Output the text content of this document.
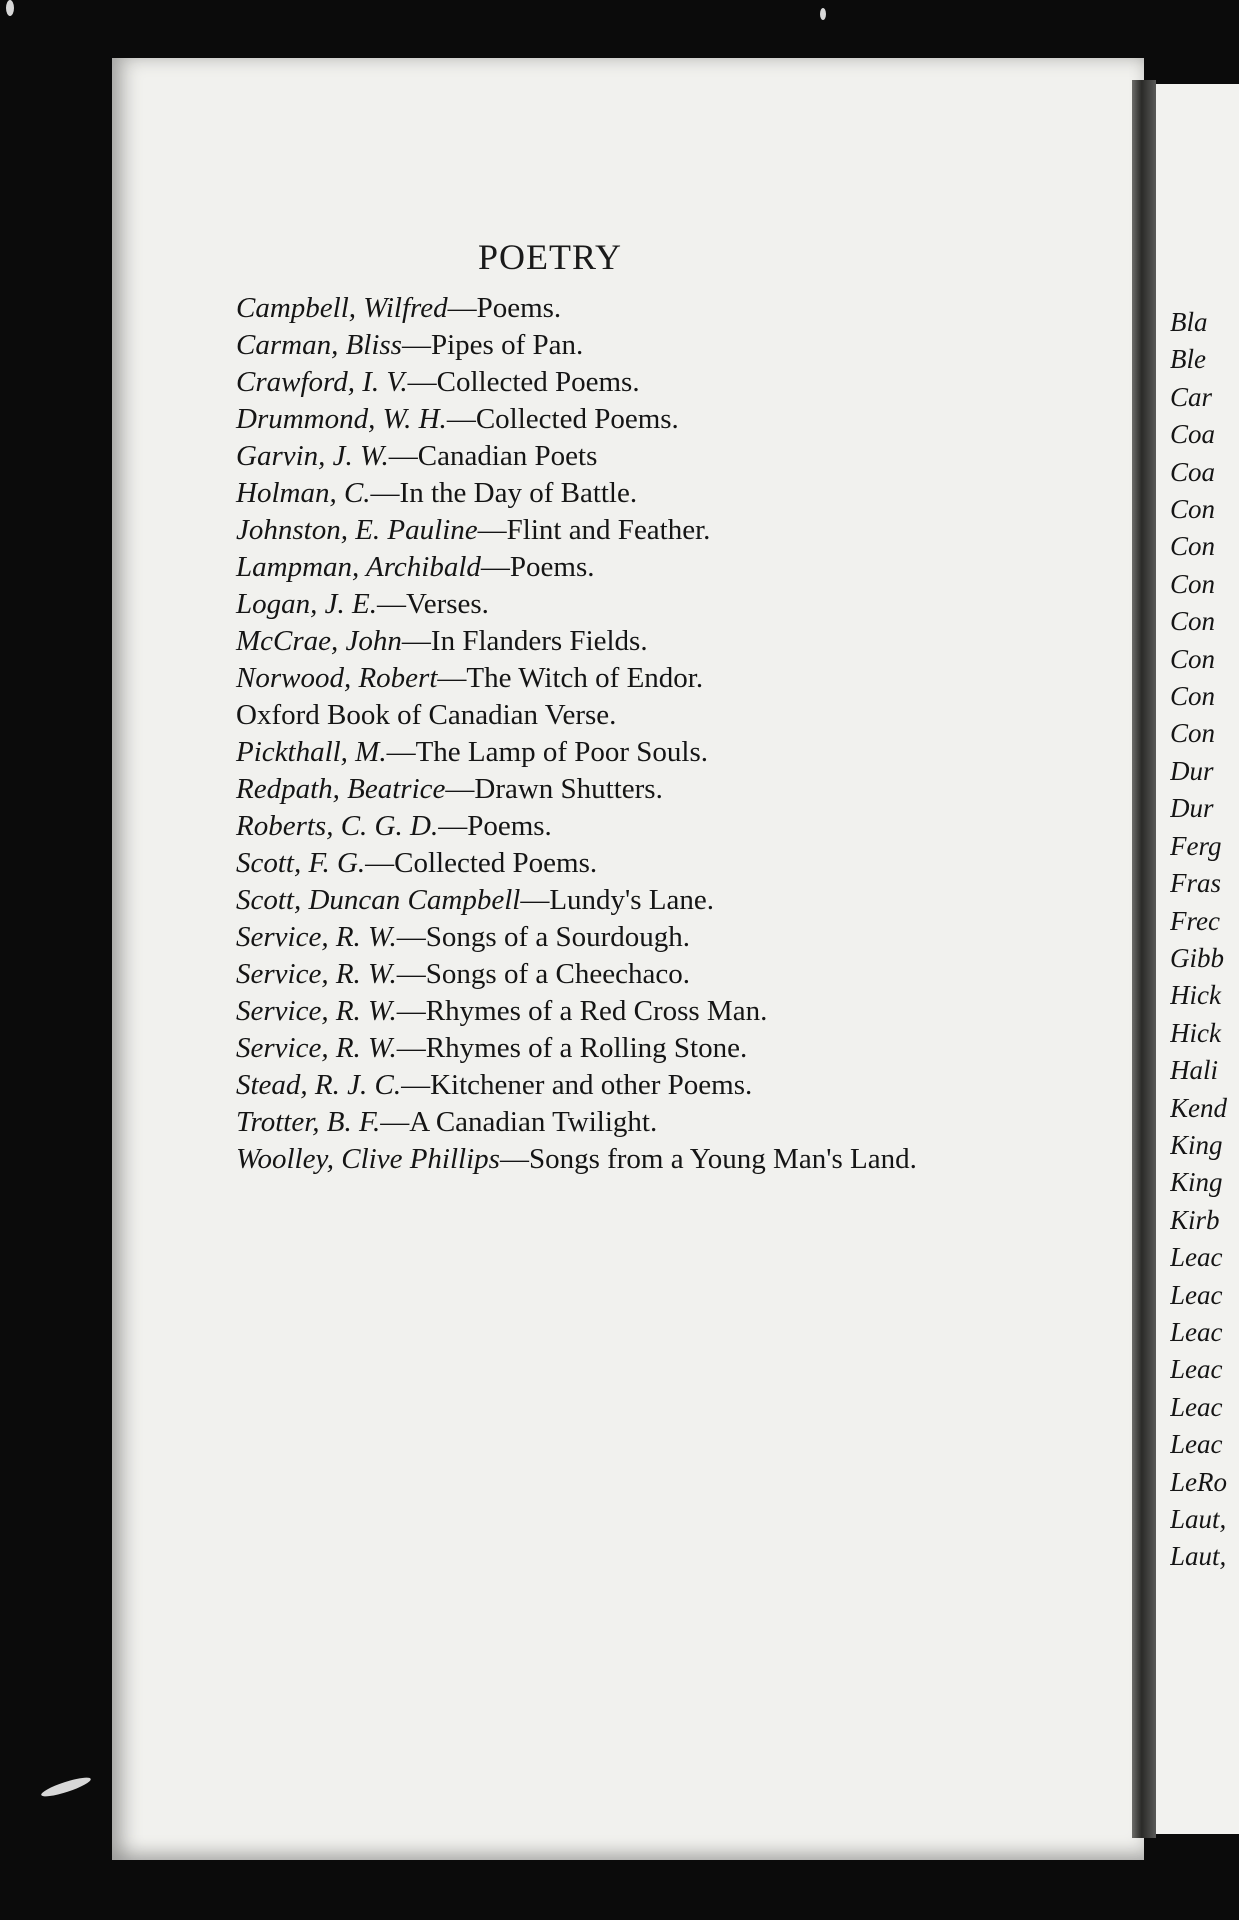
POETRY
Campbell, Wilfred—Poems.
Carman, Bliss—Pipes of Pan.
Crawford, I. V.—Collected Poems.
Drummond, W. H.—Collected Poems.
Garvin, J. W.—Canadian Poets
Holman, C.—In the Day of Battle.
Johnston, E. Pauline—Flint and Feather.
Lampman, Archibald—Poems.
Logan, J. E.—Verses.
McCrae, John—In Flanders Fields.
Norwood, Robert—The Witch of Endor.
Oxford Book of Canadian Verse.
Pickthall, M.—The Lamp of Poor Souls.
Redpath, Beatrice—Drawn Shutters.
Roberts, C. G. D.—Poems.
Scott, F. G.—Collected Poems.
Scott, Duncan Campbell—Lundy's Lane.
Service, R. W.—Songs of a Sourdough.
Service, R. W.—Songs of a Cheechaco.
Service, R. W.—Rhymes of a Red Cross Man.
Service, R. W.—Rhymes of a Rolling Stone.
Stead, R. J. C.—Kitchener and other Poems.
Trotter, B. F.—A Canadian Twilight.
Woolley, Clive Phillips—Songs from a Young Man's Land.
Bla
Ble
Car
Coa
Coa
Con
Con
Con
Con
Con
Con
Con
Dur
Dur
Ferg
Fras
Frec
Gibb
Hick
Hick
Hali
Kend
King
King
Kirb
Leac
Leac
Leac
Leac
Leac
Leac
LeRo
Laut,
Laut,
